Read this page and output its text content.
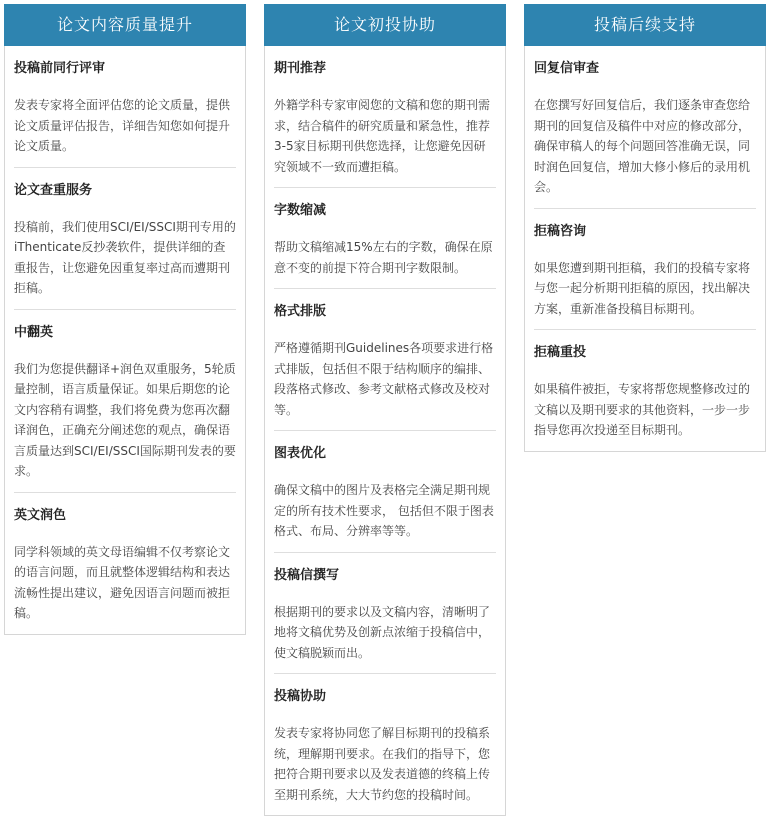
论文内容质量提升

投稿前同行评审

发表专家将全面评估您的论文质量，提供论文质量评估报告，详细告知您如何提升论文质量。

论文查重服务

投稿前，我们使用SCI/EI/SSCI期刊专用的iThenticate反抄袭软件，提供详细的查重报告，让您避免因重复率过高而遭期刊拒稿。

中翻英

我们为您提供翻译+润色双重服务，5轮质量控制，语言质量保证。如果后期您的论文内容稍有调整，我们将免费为您再次翻译润色，正确充分阐述您的观点，确保语言质量达到SCI/EI/SSCI国际期刊发表的要求。

英文润色

同学科领域的英文母语编辑不仅考察论文的语言问题，而且就整体逻辑结构和表达流畅性提出建议，避免因语言问题而被拒稿。

论文初投协助

期刊推荐

外籍学科专家审阅您的文稿和您的期刊需求，结合稿件的研究质量和紧急性，推荐3-5家目标期刊供您选择，让您避免因研究领域不一致而遭拒稿。

字数缩减

帮助文稿缩减15%左右的字数，确保在原意不变的前提下符合期刊字数限制。

格式排版

严格遵循期刊Guidelines各项要求进行格式排版，包括但不限于结构顺序的编排、段落格式修改、参考文献格式修改及校对等。

图表优化

确保文稿中的图片及表格完全满足期刊规定的所有技术性要求， 包括但不限于图表格式、布局、分辨率等等。

投稿信撰写

根据期刊的要求以及文稿内容，清晰明了地将文稿优势及创新点浓缩于投稿信中，使文稿脱颖而出。

投稿协助

发表专家将协同您了解目标期刊的投稿系统，理解期刊要求。在我们的指导下，您把符合期刊要求以及发表道德的终稿上传至期刊系统，大大节约您的投稿时间。

投稿后续支持

回复信审查

在您撰写好回复信后，我们逐条审查您给期刊的回复信及稿件中对应的修改部分，确保审稿人的每个问题回答准确无误，同时润色回复信，增加大修小修后的录用机会。

拒稿咨询

如果您遭到期刊拒稿，我们的投稿专家将与您一起分析期刊拒稿的原因，找出解决方案，重新准备投稿目标期刊。

拒稿重投

如果稿件被拒，专家将帮您规整修改过的文稿以及期刊要求的其他资料，一步一步指导您再次投递至目标期刊。
